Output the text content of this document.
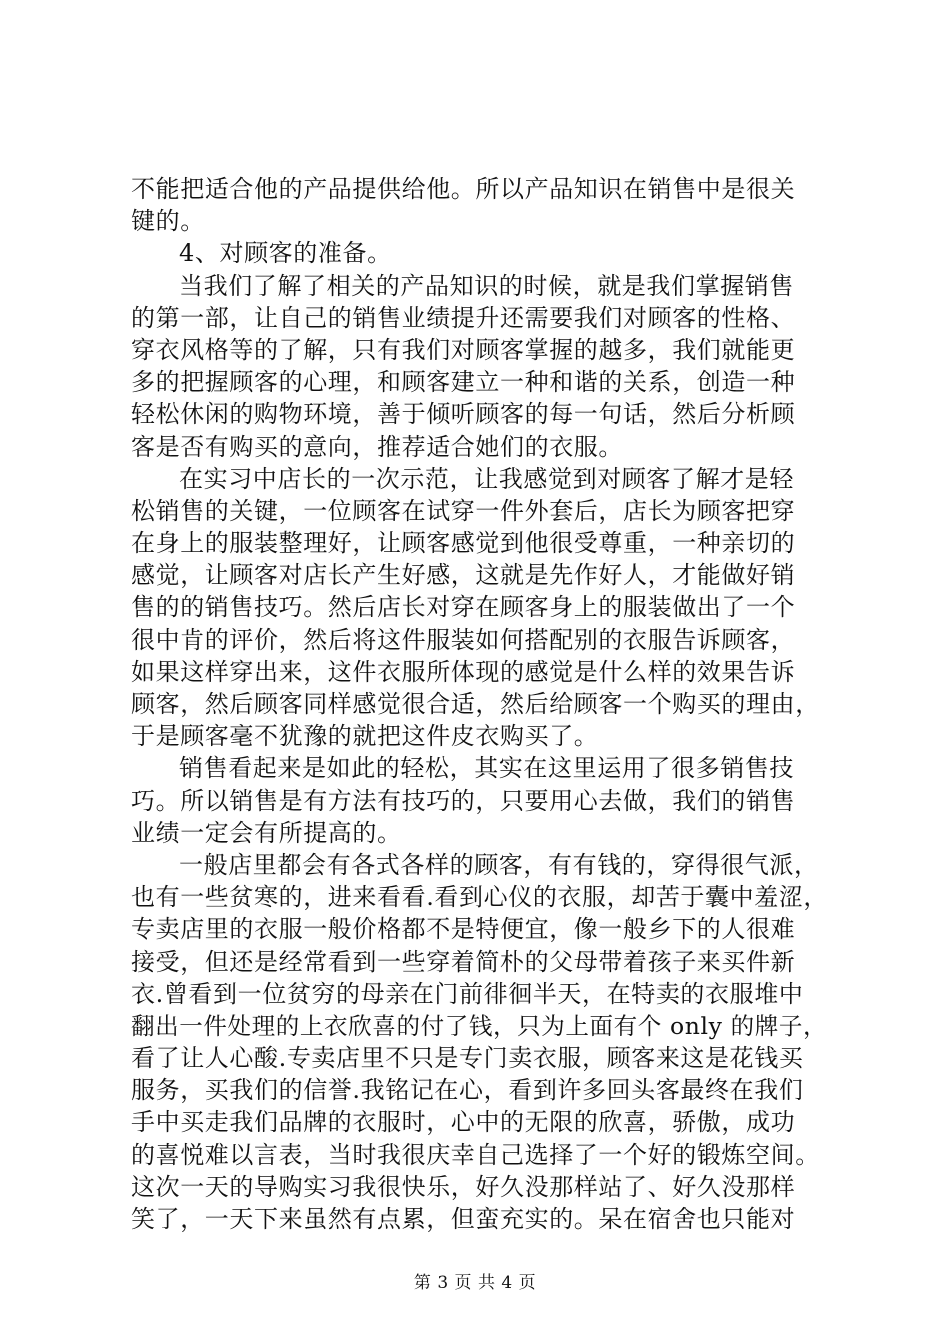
不能把适合他的产品提供给他。所以产品知识在销售中是很关
键的。
4、对顾客的准备。
当我们了解了相关的产品知识的时候，就是我们掌握销售
的第一部，让自己的销售业绩提升还需要我们对顾客的性格、
穿衣风格等的了解，只有我们对顾客掌握的越多，我们就能更
多的把握顾客的心理，和顾客建立一种和谐的关系，创造一种
轻松休闲的购物环境，善于倾听顾客的每一句话，然后分析顾
客是否有购买的意向，推荐适合她们的衣服。
在实习中店长的一次示范，让我感觉到对顾客了解才是轻
松销售的关键，一位顾客在试穿一件外套后，店长为顾客把穿
在身上的服装整理好，让顾客感觉到他很受尊重，一种亲切的
感觉，让顾客对店长产生好感，这就是先作好人，才能做好销
售的的销售技巧。然后店长对穿在顾客身上的服装做出了一个
很中肯的评价，然后将这件服装如何搭配别的衣服告诉顾客，
如果这样穿出来，这件衣服所体现的感觉是什么样的效果告诉
顾客，然后顾客同样感觉很合适，然后给顾客一个购买的理由，
于是顾客毫不犹豫的就把这件皮衣购买了。
销售看起来是如此的轻松，其实在这里运用了很多销售技
巧。所以销售是有方法有技巧的，只要用心去做，我们的销售
业绩一定会有所提高的。
一般店里都会有各式各样的顾客，有有钱的，穿得很气派，
也有一些贫寒的，进来看看.看到心仪的衣服，却苦于囊中羞涩，
专卖店里的衣服一般价格都不是特便宜，像一般乡下的人很难
接受，但还是经常看到一些穿着简朴的父母带着孩子来买件新
衣.曾看到一位贫穷的母亲在门前徘徊半天，在特卖的衣服堆中
翻出一件处理的上衣欣喜的付了钱，只为上面有个 only 的牌子，
看了让人心酸.专卖店里不只是专门卖衣服，顾客来这是花钱买
服务，买我们的信誉.我铭记在心，看到许多回头客最终在我们
手中买走我们品牌的衣服时，心中的无限的欣喜，骄傲，成功
的喜悦难以言表，当时我很庆幸自己选择了一个好的锻炼空间。
这次一天的导购实习我很快乐，好久没那样站了、好久没那样
笑了，一天下来虽然有点累，但蛮充实的。呆在宿舍也只能对
第 3 页 共 4 页
